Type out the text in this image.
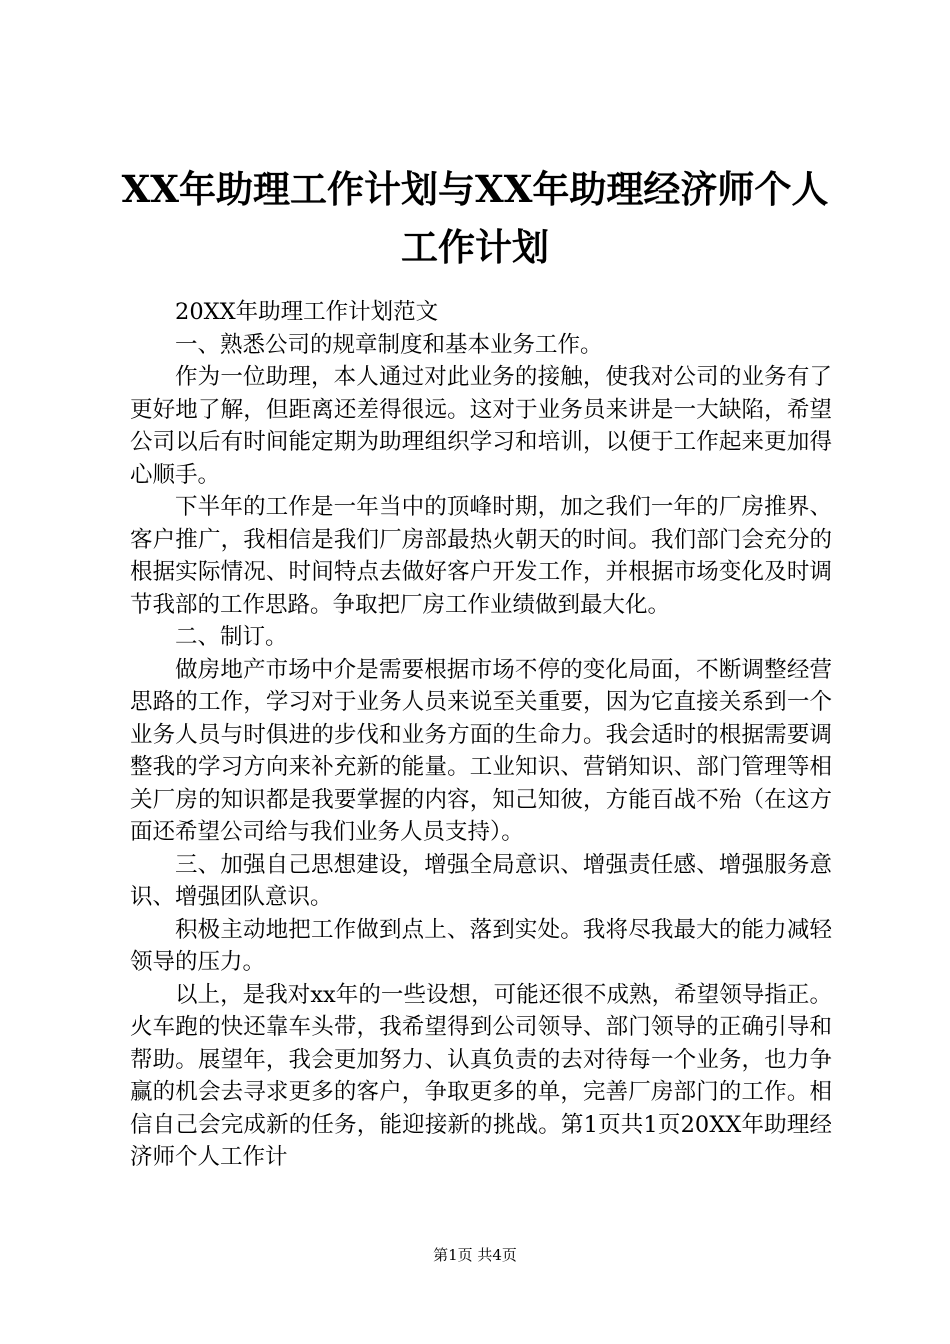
XX年助理工作计划与XX年助理经济师个人工作计划

20XX年助理工作计划范文

一、熟悉公司的规章制度和基本业务工作。

作为一位助理，本人通过对此业务的接触，使我对公司的业务有了更好地了解，但距离还差得很远。这对于业务员来讲是一大缺陷，希望公司以后有时间能定期为助理组织学习和培训，以便于工作起来更加得心顺手。

下半年的工作是一年当中的顶峰时期，加之我们一年的厂房推界、客户推广，我相信是我们厂房部最热火朝天的时间。我们部门会充分的根据实际情况、时间特点去做好客户开发工作，并根据市场变化及时调节我部的工作思路。争取把厂房工作业绩做到最大化。

二、制订。

做房地产市场中介是需要根据市场不停的变化局面，不断调整经营思路的工作，学习对于业务人员来说至关重要，因为它直接关系到一个业务人员与时俱进的步伐和业务方面的生命力。我会适时的根据需要调整我的学习方向来补充新的能量。工业知识、营销知识、部门管理等相关厂房的知识都是我要掌握的内容，知己知彼，方能百战不殆（在这方面还希望公司给与我们业务人员支持）。

三、加强自己思想建设，增强全局意识、增强责任感、增强服务意识、增强团队意识。

积极主动地把工作做到点上、落到实处。我将尽我最大的能力减轻领导的压力。

以上，是我对xx年的一些设想，可能还很不成熟，希望领导指正。火车跑的快还靠车头带，我希望得到公司领导、部门领导的正确引导和帮助。展望年，我会更加努力、认真负责的去对待每一个业务，也力争赢的机会去寻求更多的客户，争取更多的单，完善厂房部门的工作。相信自己会完成新的任务，能迎接新的挑战。第1页共1页20XX年助理经济师个人工作计

第1页 共4页
